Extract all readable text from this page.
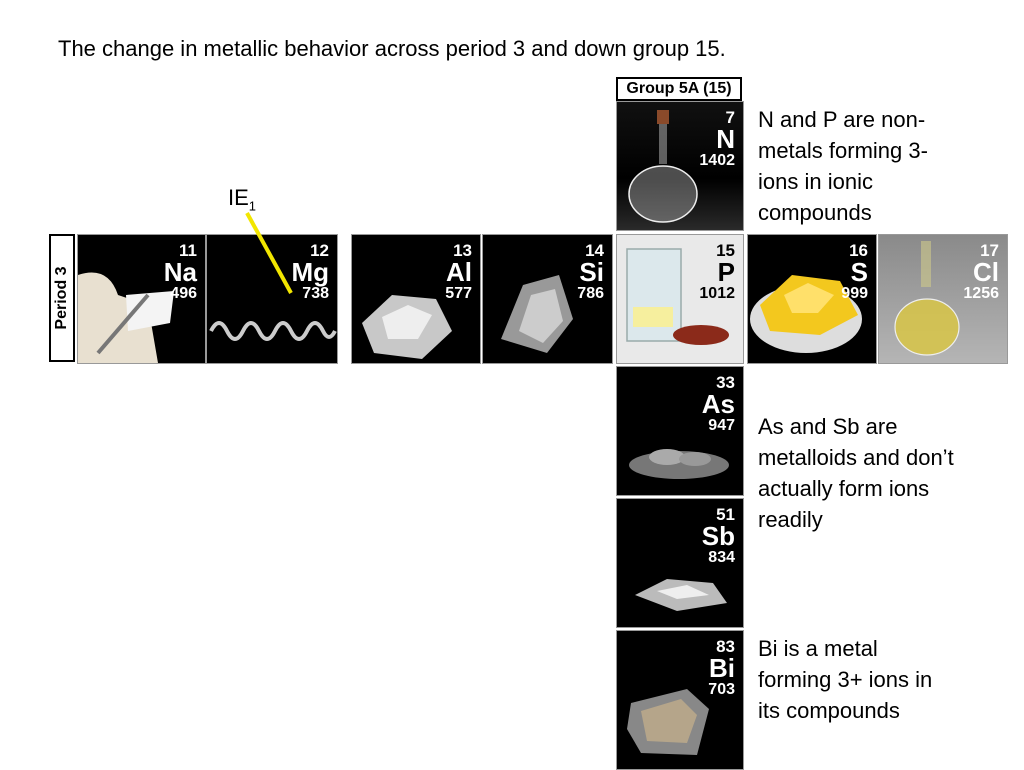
The change in metallic behavior across period 3 and down group 15.
Group 5A (15)
Period 3
7
N
1402
33
As
947
51
Sb
834
83
Bi
703
11
Na
496
12
Mg
738
13
Al
577
14
Si
786
15
P
1012
16
S
999
17
Cl
1256
$IE_1$
N and P are non-
metals forming 3-
ions in ionic
compounds
As and Sb are
metalloids and don’t
actually form ions
readily
Bi is a metal
forming 3+ ions in
its compounds
